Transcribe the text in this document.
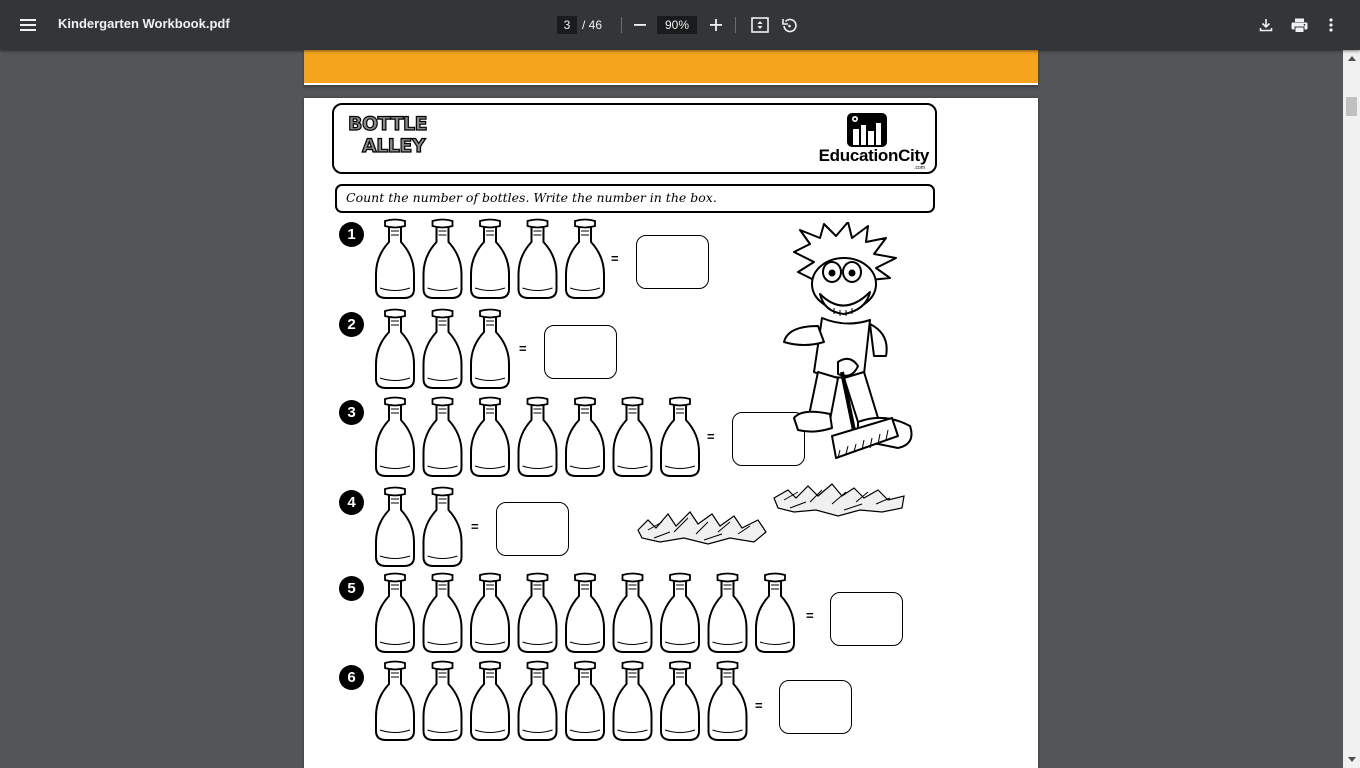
Kindergarten Workbook.pdf
3	/ 46
90%
BOTTLE
ALLEY	EducationCity
.com
Count the number of bottles. Write the number in the box.
1
=
2
=
3
=
4
=
5
=
6
=
